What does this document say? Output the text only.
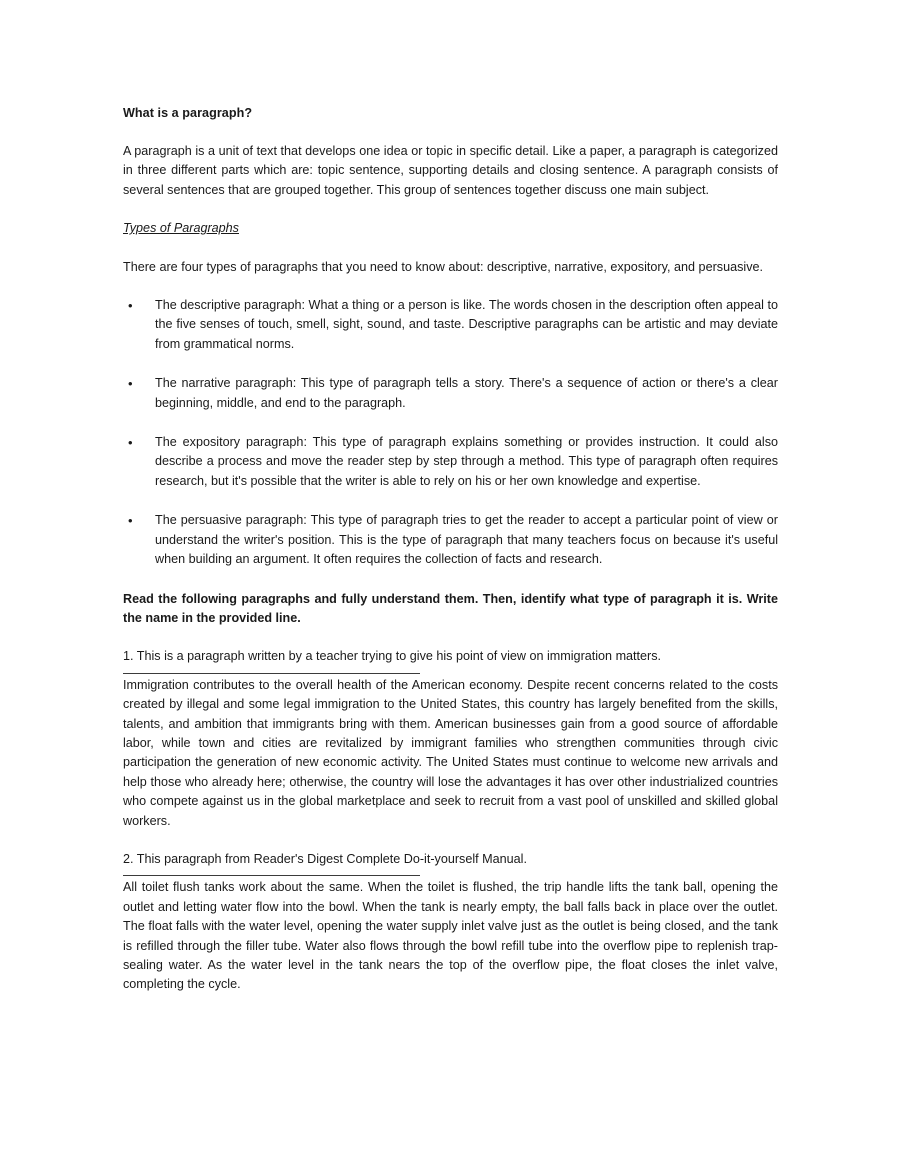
What is a paragraph?

A paragraph is a unit of text that develops one idea or topic in specific detail. Like a paper, a paragraph is categorized in three different parts which are: topic sentence, supporting details and closing sentence. A paragraph consists of several sentences that are grouped together. This group of sentences together discuss one main subject.

Types of Paragraphs

There are four types of paragraphs that you need to know about: descriptive, narrative, expository, and persuasive.

• The descriptive paragraph: What a thing or a person is like. The words chosen in the description often appeal to the five senses of touch, smell, sight, sound, and taste. Descriptive paragraphs can be artistic and may deviate from grammatical norms.
• The narrative paragraph: This type of paragraph tells a story. There's a sequence of action or there's a clear beginning, middle, and end to the paragraph.
• The expository paragraph: This type of paragraph explains something or provides instruction. It could also describe a process and move the reader step by step through a method. This type of paragraph often requires research, but it's possible that the writer is able to rely on his or her own knowledge and expertise.
• The persuasive paragraph: This type of paragraph tries to get the reader to accept a particular point of view or understand the writer's position. This is the type of paragraph that many teachers focus on because it's useful when building an argument. It often requires the collection of facts and research.

Read the following paragraphs and fully understand them. Then, identify what type of paragraph it is. Write the name in the provided line.

1. This is a paragraph written by a teacher trying to give his point of view on immigration matters.

Immigration contributes to the overall health of the American economy. Despite recent concerns related to the costs created by illegal and some legal immigration to the United States, this country has largely benefited from the skills, talents, and ambition that immigrants bring with them. American businesses gain from a good source of affordable labor, while town and cities are revitalized by immigrant families who strengthen communities through civic participation the generation of new economic activity. The United States must continue to welcome new arrivals and help those who already here; otherwise, the country will lose the advantages it has over other industrialized countries who compete against us in the global marketplace and seek to recruit from a vast pool of unskilled and skilled global workers.

2. This paragraph from Reader's Digest Complete Do-it-yourself Manual.

All toilet flush tanks work about the same. When the toilet is flushed, the trip handle lifts the tank ball, opening the outlet and letting water flow into the bowl. When the tank is nearly empty, the ball falls back in place over the outlet. The float falls with the water level, opening the water supply inlet valve just as the outlet is being closed, and the tank is refilled through the filler tube. Water also flows through the bowl refill tube into the overflow pipe to replenish trap-sealing water. As the water level in the tank nears the top of the overflow pipe, the float closes the inlet valve, completing the cycle.
